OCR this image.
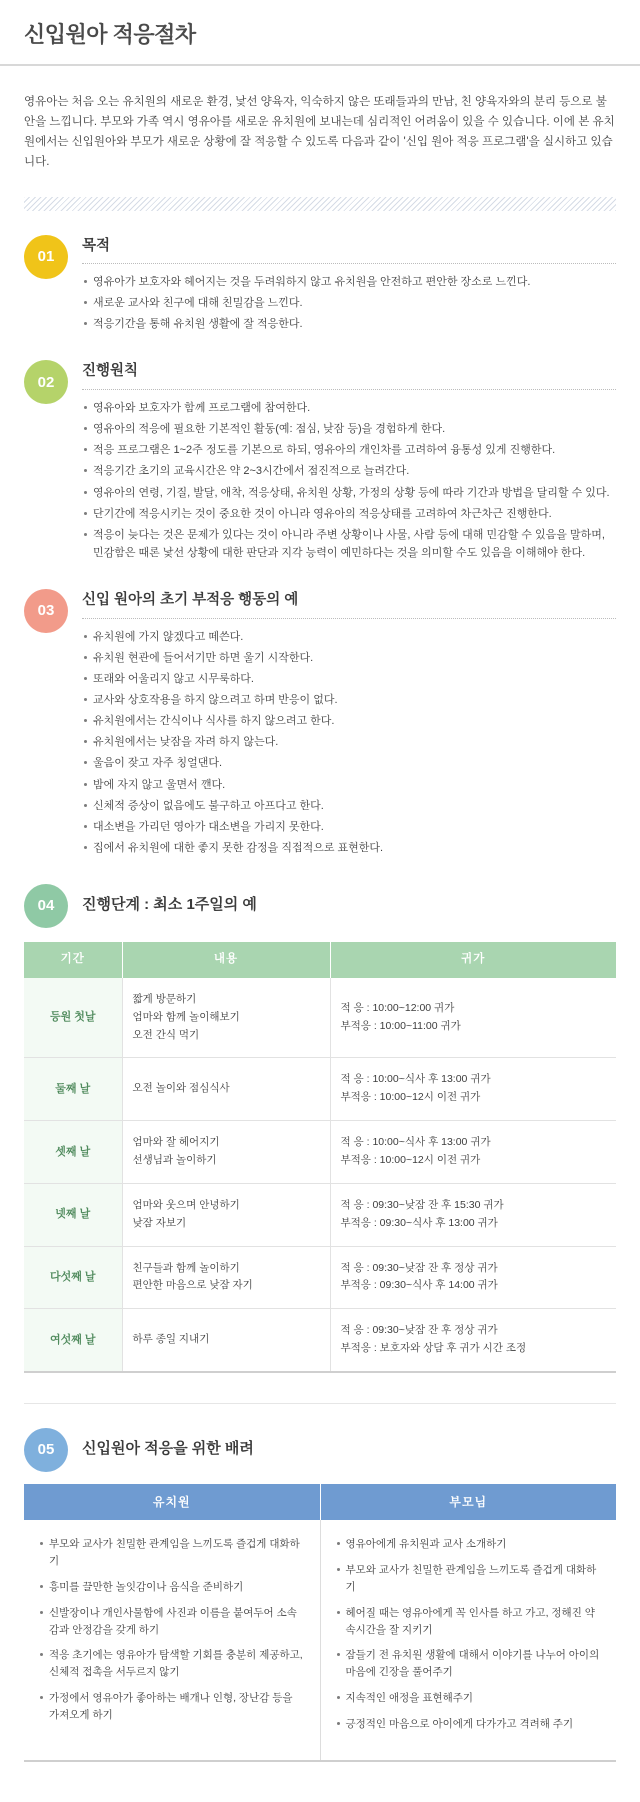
신입원아 적응절차

영유아는 처음 오는 유치원의 새로운 환경, 낯선 양육자, 익숙하지 않은 또래들과의 만남, 친 양육자와의 분리 등으로 불안을 느낍니다. 부모와 가족 역시 영유아를 새로운 유치원에 보내는데 심리적인 어려움이 있을 수 있습니다. 이에 본 유치원에서는 신입원아와 부모가 새로운 상황에 잘 적응할 수 있도록 다음과 같이 '신입 원아 적응 프로그램'을 실시하고 있습니다.

01
목적
영유아가 보호자와 헤어지는 것을 두려워하지 않고 유치원을 안전하고 편안한 장소로 느낀다.
새로운 교사와 친구에 대해 친밀감을 느낀다.
적응기간을 통해 유치원 생활에 잘 적응한다.
02
진행원칙
영유아와 보호자가 함께 프로그램에 참여한다.
영유아의 적응에 필요한 기본적인 활동(예: 점심, 낮잠 등)을 경험하게 한다.
적응 프로그램은 1~2주 정도를 기본으로 하되, 영유아의 개인차를 고려하여 융통성 있게 진행한다.
적응기간 초기의 교육시간은 약 2~3시간에서 점진적으로 늘려간다.
영유아의 연령, 기질, 발달, 애착, 적응상태, 유치원 상황, 가정의 상황 등에 따라 기간과 방법을 달리할 수 있다.
단기간에 적응시키는 것이 중요한 것이 아니라 영유아의 적응상태를 고려하여 차근차근 진행한다.
적응이 늦다는 것은 문제가 있다는 것이 아니라 주변 상황이나 사물, 사람 등에 대해 민감할 수 있음을 말하며, 민감함은 때론 낯선 상황에 대한 판단과 지각 능력이 예민하다는 것을 의미할 수도 있음을 이해해야 한다.
03
신입 원아의 초기 부적응 행동의 예
유치원에 가지 않겠다고 떼쓴다.
유치원 현관에 들어서기만 하면 울기 시작한다.
또래와 어울리지 않고 시무룩하다.
교사와 상호작용을 하지 않으려고 하며 반응이 없다.
유치원에서는 간식이나 식사를 하지 않으려고 한다.
유치원에서는 낮잠을 자려 하지 않는다.
울음이 잦고 자주 칭얼댄다.
밤에 자지 않고 울면서 깬다.
신체적 증상이 없음에도 불구하고 아프다고 한다.
대소변을 가리던 영아가 대소변을 가리지 못한다.
집에서 유치원에 대한 좋지 못한 감정을 직접적으로 표현한다.
04	진행단계 : 최소 1주일의 예
기간	내용	귀가
등원 첫날	짧게 방문하기
엄마와 함께 놀이해보기
오전 간식 먹기	적 응 : 10:00~12:00 귀가
부적응 : 10:00~11:00 귀가

둘째 날	오전 놀이와 점심식사	적 응 : 10:00~식사 후 13:00 귀가
부적응 : 10:00~12시 이전 귀가

셋째 날	엄마와 잘 헤어지기
선생님과 놀이하기	적 응 : 10:00~식사 후 13:00 귀가
부적응 : 10:00~12시 이전 귀가

넷째 날	엄마와 웃으며 안녕하기
낮잠 자보기	적 응 : 09:30~낮잠 잔 후 15:30 귀가
부적응 : 09:30~식사 후 13:00 귀가

다섯째 날	친구들과 함께 놀이하기
편안한 마음으로 낮잠 자기	적 응 : 09:30~낮잠 잔 후 정상 귀가
부적응 : 09:30~식사 후 14:00 귀가

여섯째 날	하루 종일 지내기	적 응 : 09:30~낮잠 잔 후 정상 귀가
부적응 : 보호자와 상담 후 귀가 시간 조정
05	신입원아 적응을 위한 배려
유치원	부모님

부모와 교사가 친밀한 관계임을 느끼도록 즐겁게 대화하기
흥미를 끌만한 놀잇감이나 음식을 준비하기
신발장이나 개인사물함에 사진과 이름을 붙여두어 소속감과 안정감을 갖게 하기
적응 초기에는 영유아가 탐색할 기회를 충분히 제공하고, 신체적 접촉을 서두르지 않기
가정에서 영유아가 좋아하는 배개나 인형, 장난감 등을 가져오게 하기

영유아에게 유치원과 교사 소개하기
부모와 교사가 친밀한 관계임을 느끼도록 즐겁게 대화하기
헤어질 때는 영유아에게 꼭 인사를 하고 가고, 정해진 약속시간을 잘 지키기
잠들기 전 유치원 생활에 대해서 이야기를 나누어 아이의 마음에 긴장을 풀어주기
지속적인 애정을 표현해주기
긍정적인 마음으로 아이에게 다가가고 격려해 주기
